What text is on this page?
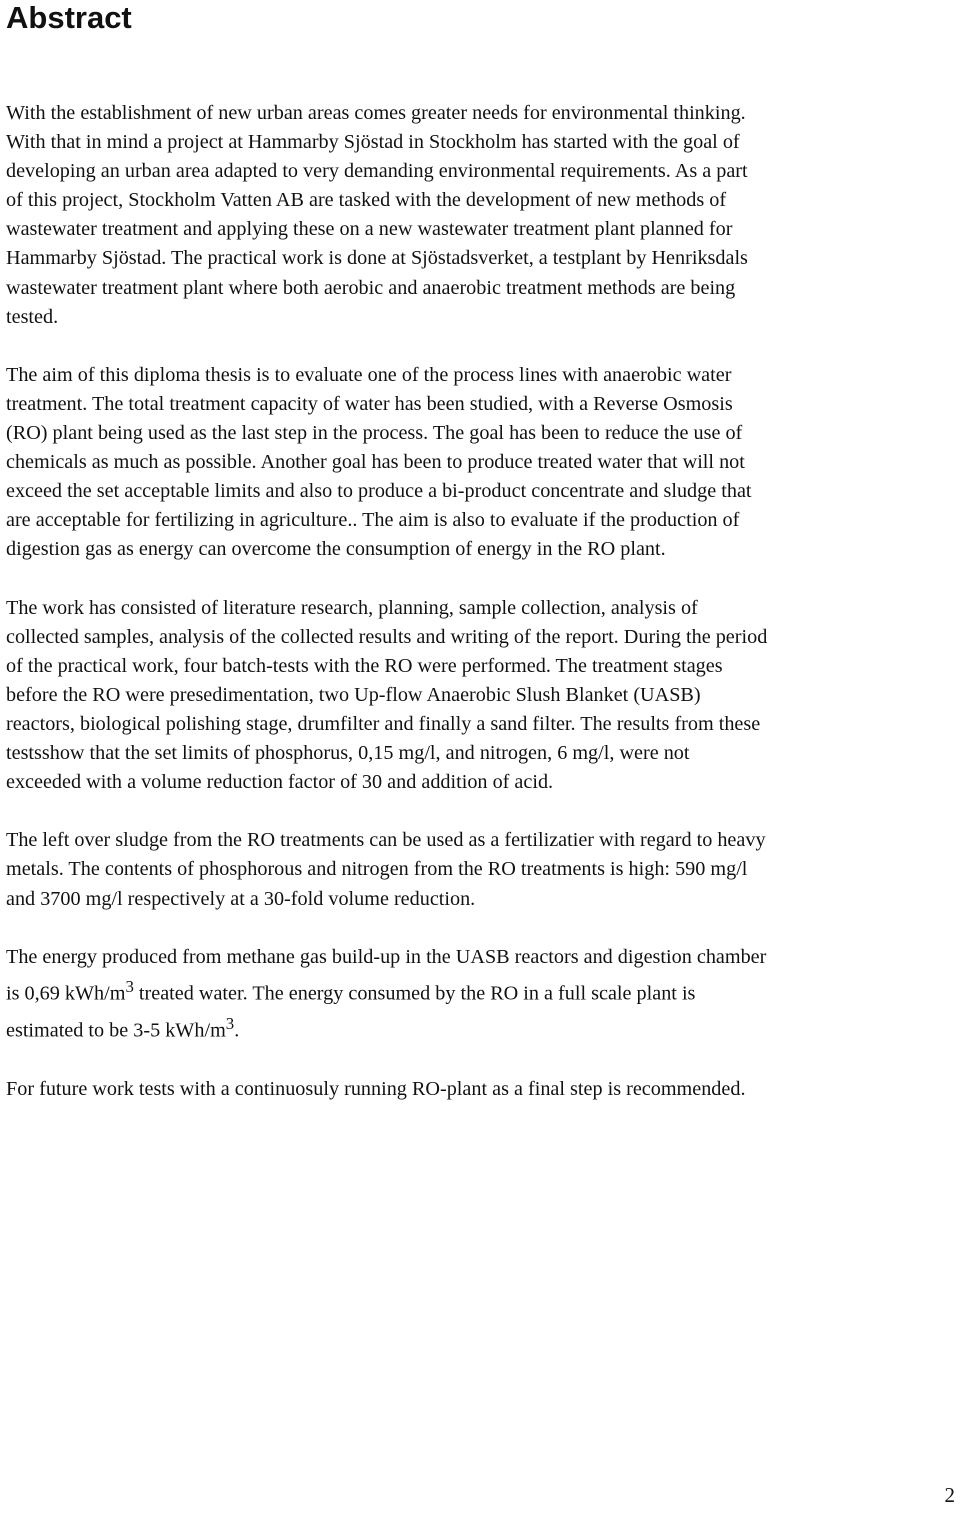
Abstract

With the establishment of new urban areas comes greater needs for environmental thinking.
With that in mind a project at Hammarby Sjöstad in Stockholm has started with the goal of
developing an urban area adapted to very demanding environmental requirements. As a part
of this project, Stockholm Vatten AB are tasked with the development of new methods of
wastewater treatment and applying these on a new wastewater treatment plant planned for
Hammarby Sjöstad. The practical work is done at Sjöstadsverket, a testplant by Henriksdals
wastewater treatment plant where both aerobic and anaerobic treatment methods are being
tested.

The aim of this diploma thesis is to evaluate one of the process lines with anaerobic water
treatment. The total treatment capacity of water has been studied, with a Reverse Osmosis
(RO) plant being used as the last step in the process. The goal has been to reduce the use of
chemicals as much as possible. Another goal has been to produce treated water that will not
exceed the set acceptable limits and also to produce a bi-product concentrate and sludge that
are acceptable for fertilizing in agriculture.. The aim is also to evaluate if the production of
digestion gas as energy can overcome the consumption of energy in the RO plant.

The work has consisted of literature research, planning, sample collection, analysis of
collected samples, analysis of the collected results and writing of the report. During the period
of the practical work, four batch-tests with the RO were performed. The treatment stages
before the RO were presedimentation, two Up-flow Anaerobic Slush Blanket (UASB)
reactors, biological polishing stage, drumfilter and finally a sand filter. The results from these
testsshow that the set limits of phosphorus, 0,15 mg/l, and nitrogen, 6 mg/l, were not
exceeded with a volume reduction factor of 30 and addition of acid.

The left over sludge from the RO treatments can be used as a fertilizatier with regard to heavy
metals. The contents of phosphorous and nitrogen from the RO treatments is high: 590 mg/l
and 3700 mg/l respectively at a 30-fold volume reduction.

The energy produced from methane gas build-up in the UASB reactors and digestion chamber
is 0,69 kWh/$m^3$ treated water. The energy consumed by the RO in a full scale plant is
estimated to be 3-5 kWh/$m^3$.

For future work tests with a continuosuly running RO-plant as a final step is recommended.

2
